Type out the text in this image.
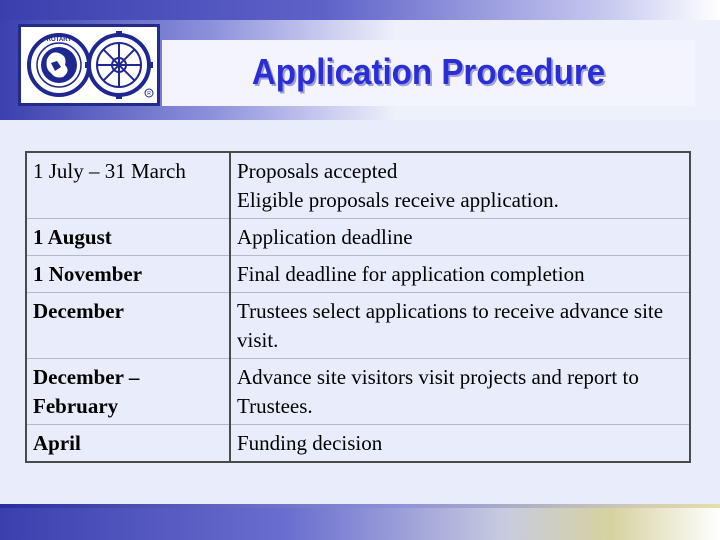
ROTARY
R
Application Procedure
1 July – 31 March	Proposals accepted
Eligible proposals receive application.

1 August	Application deadline
1 November	Final deadline for application completion
December	Trustees select applications to receive advance site visit.
December – February	Advance site visitors visit projects and report to Trustees.
April	Funding decision
